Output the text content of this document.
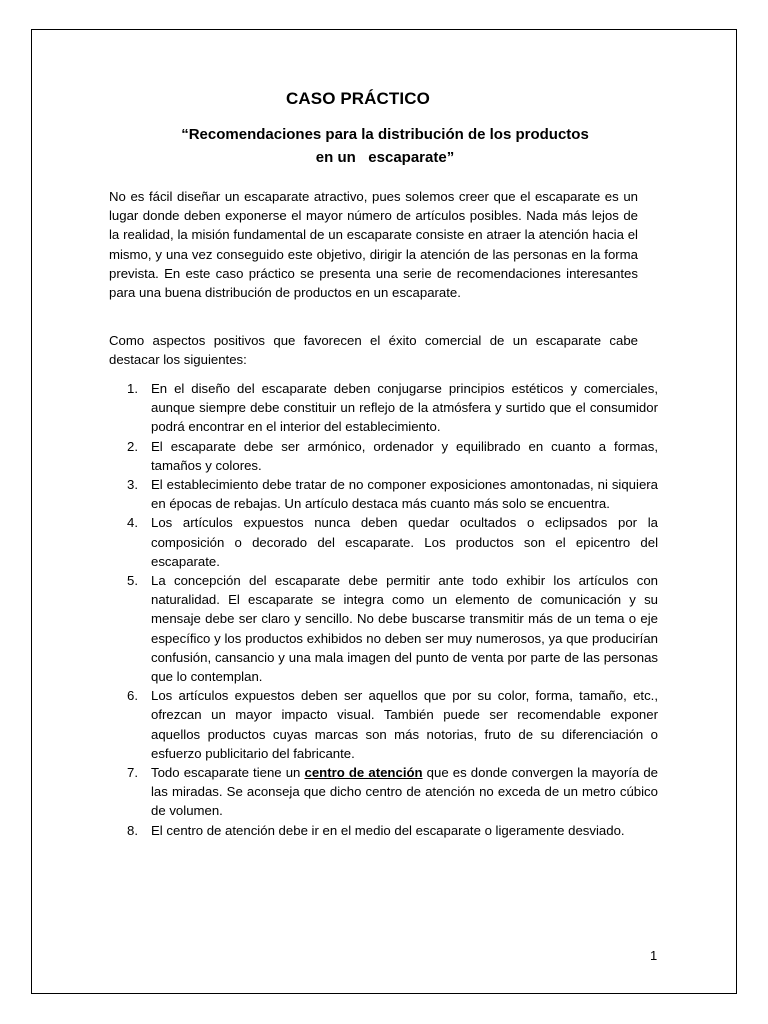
CASO PRÁCTICO
“Recomendaciones para la distribución de los productos
en un   escaparate”

No es fácil diseñar un escaparate atractivo, pues solemos creer que el escaparate es un lugar donde deben exponerse el mayor número de artículos posibles. Nada más lejos de la realidad, la misión fundamental de un escaparate consiste en atraer la atención hacia el mismo, y una vez conseguido este objetivo, dirigir la atención de las personas en la forma prevista. En este caso práctico se presenta una serie de recomendaciones interesantes para una buena distribución de productos en un escaparate.

Como aspectos positivos que favorecen el éxito comercial de un escaparate cabe destacar los siguientes:

1. En el diseño del escaparate deben conjugarse principios estéticos y comerciales, aunque siempre debe constituir un reflejo de la atmósfera y surtido que el consumidor podrá encontrar en el interior del establecimiento.
2. El escaparate debe ser armónico, ordenador y equilibrado en cuanto a formas, tamaños y colores.
3. El establecimiento debe tratar de no componer exposiciones amontonadas, ni siquiera en épocas de rebajas. Un artículo destaca más cuanto más solo se encuentra.
4. Los artículos expuestos nunca deben quedar ocultados o eclipsados por la composición o decorado del escaparate. Los productos son el epicentro del escaparate.
5. La concepción del escaparate debe permitir ante todo exhibir los artículos con naturalidad. El escaparate se integra como un elemento de comunicación y su mensaje debe ser claro y sencillo. No debe buscarse transmitir más de un tema o eje específico y los productos exhibidos no deben ser muy numerosos, ya que producirían confusión, cansancio y una mala imagen del punto de venta por parte de las personas que lo contemplan.
6. Los artículos expuestos deben ser aquellos que por su color, forma, tamaño, etc., ofrezcan un mayor impacto visual. También puede ser recomendable exponer aquellos productos cuyas marcas son más notorias, fruto de su diferenciación o esfuerzo publicitario del fabricante.
7. Todo escaparate tiene un centro de atención que es donde convergen la mayoría de las miradas. Se aconseja que dicho centro de atención no exceda de un metro cúbico de volumen.
8. El centro de atención debe ir en el medio del escaparate o ligeramente desviado.
1
